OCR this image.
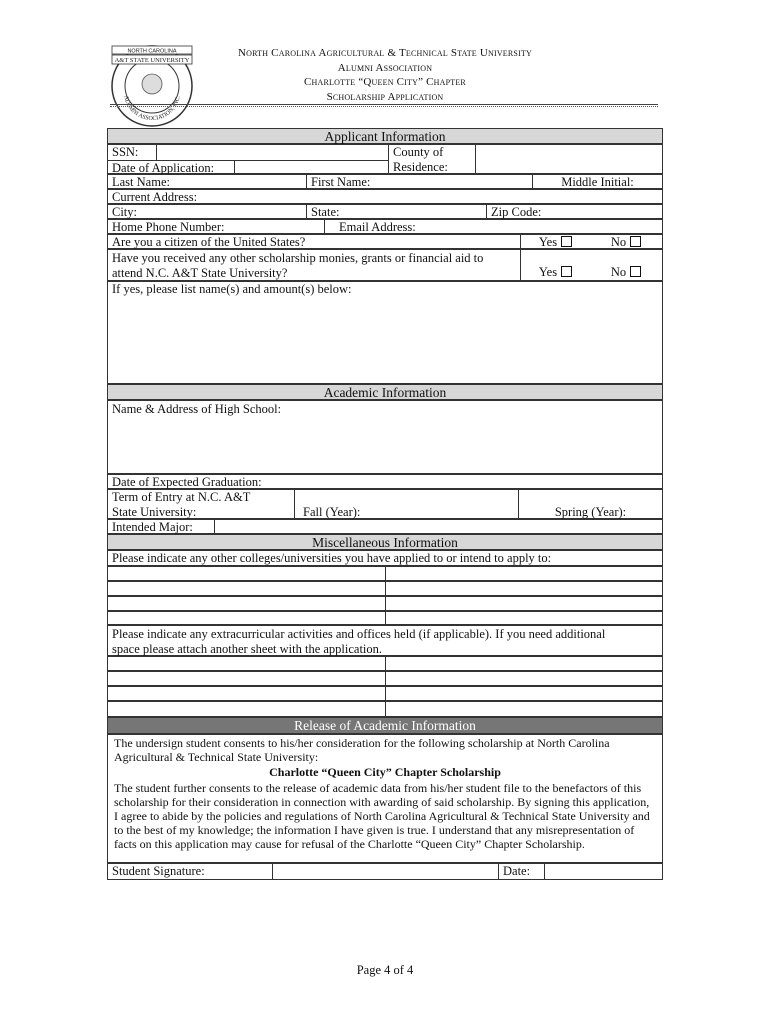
NORTH CAROLINA
A&T STATE UNIVERSITY
ALUMNI ASSOCIATION, INC.
North Carolina Agricultural & Technical State University
Alumni Association
Charlotte “Queen City” Chapter
Scholarship Application
Applicant Information
SSN:
Date of Application:
County of
Residence:
Last Name:	First Name:	Middle Initial:
Current Address:
City:	State:	Zip Code:
Home Phone Number:	Email Address:
Are you a citizen of the United States?	Yes	No
Have you received any other scholarship monies, grants or financial aid to
attend N.C. A&T State University?	Yes	No
If yes, please list name(s) and amount(s) below:
Academic Information
Name & Address of High School:
Date of Expected Graduation:
Term of Entry at N.C. A&T
State University:	Fall (Year):	Spring (Year):
Intended Major:
Miscellaneous Information
Please indicate any other colleges/universities you have applied to or intend to apply to:
Please indicate any extracurricular activities and offices held (if applicable). If you need additional
space please attach another sheet with the application.
Release of Academic Information
The undersign student consents to his/her consideration for the following scholarship at North Carolina Agricultural & Technical State University:
Charlotte “Queen City” Chapter Scholarship
The student further consents to the release of academic data from his/her student file to the benefactors of this scholarship for their consideration in connection with awarding of said scholarship. By signing this application, I agree to abide by the policies and regulations of North Carolina Agricultural & Technical State University and to the best of my knowledge; the information I have given is true. I understand that any misrepresentation of facts on this application may cause for refusal of the Charlotte “Queen City” Chapter Scholarship.
Student Signature:	Date:
Page 4 of 4
